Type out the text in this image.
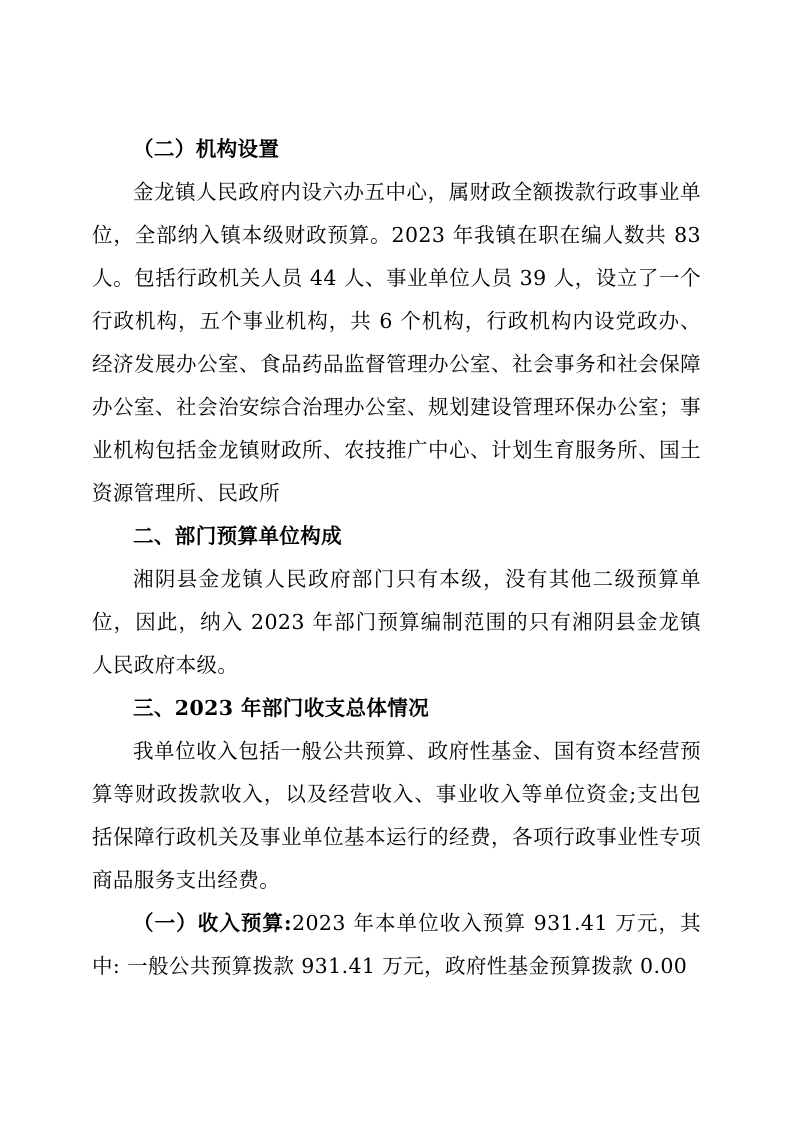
（二）机构设置

金龙镇人民政府内设六办五中心，属财政全额拨款行政事业单位，全部纳入镇本级财政预算。2023 年我镇在职在编人数共 83 人。包括行政机关人员 44 人、事业单位人员 39 人，设立了一个行政机构，五个事业机构，共 6 个机构，行政机构内设党政办、经济发展办公室、食品药品监督管理办公室、社会事务和社会保障办公室、社会治安综合治理办公室、规划建设管理环保办公室；事业机构包括金龙镇财政所、农技推广中心、计划生育服务所、国土资源管理所、民政所

二、部门预算单位构成

湘阴县金龙镇人民政府部门只有本级，没有其他二级预算单位，因此，纳入 2023 年部门预算编制范围的只有湘阴县金龙镇人民政府本级。

三、2023 年部门收支总体情况

我单位收入包括一般公共预算、政府性基金、国有资本经营预算等财政拨款收入，以及经营收入、事业收入等单位资金;支出包括保障行政机关及事业单位基本运行的经费，各项行政事业性专项商品服务支出经费。

（一）收入预算:2023 年本单位收入预算 931.41 万元，其中: 一般公共预算拨款 931.41 万元，政府性基金预算拨款 0.00
